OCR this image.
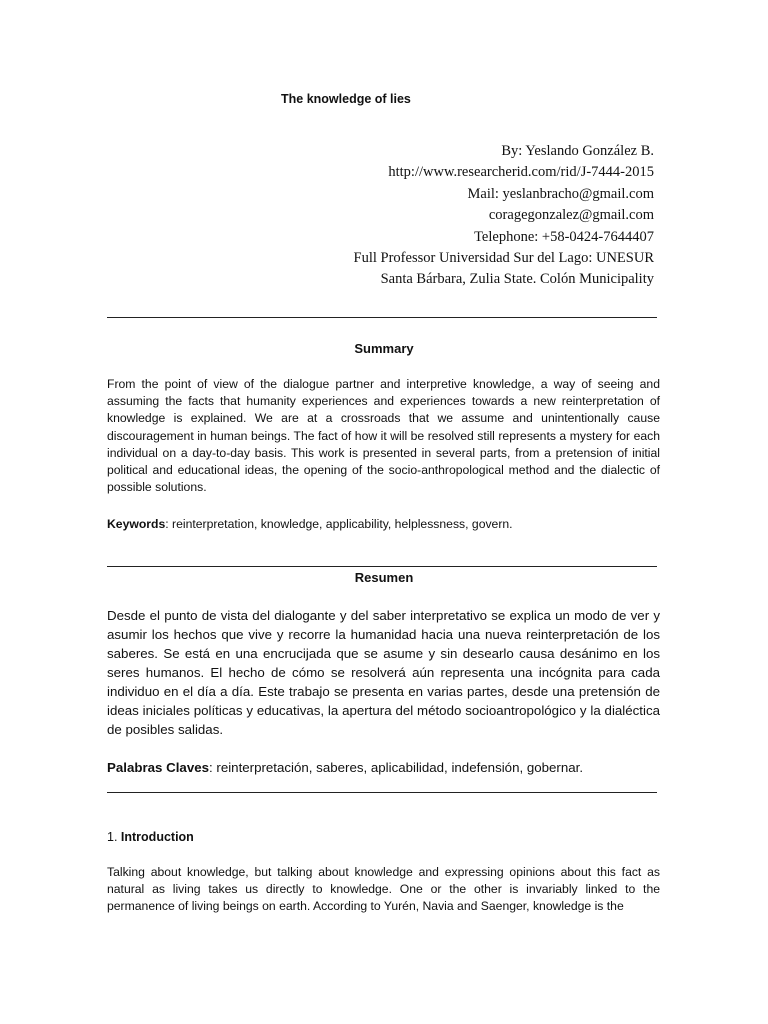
The knowledge of lies
By: Yeslando González B.
http://www.researcherid.com/rid/J-7444-2015
Mail: yeslanbracho@gmail.com
coragegonzalez@gmail.com
Telephone: +58-0424-7644407
Full Professor Universidad Sur del Lago: UNESUR
Santa Bárbara, Zulia State. Colón Municipality
Summary
From the point of view of the dialogue partner and interpretive knowledge, a way of seeing and assuming the facts that humanity experiences and experiences towards a new reinterpretation of knowledge is explained. We are at a crossroads that we assume and unintentionally cause discouragement in human beings. The fact of how it will be resolved still represents a mystery for each individual on a day-to-day basis. This work is presented in several parts, from a pretension of initial political and educational ideas, the opening of the socio-anthropological method and the dialectic of possible solutions.
Keywords: reinterpretation, knowledge, applicability, helplessness, govern.
Resumen
Desde el punto de vista del dialogante y del saber interpretativo se explica un modo de ver y asumir los hechos que vive y recorre la humanidad hacia una nueva reinterpretación de los saberes. Se está en una encrucijada que se asume y sin desearlo causa desánimo en los seres humanos. El hecho de cómo se resolverá aún representa una incógnita para cada individuo en el día a día. Este trabajo se presenta en varias partes, desde una pretensión de ideas iniciales políticas y educativas, la apertura del método socioantropológico y la dialéctica de posibles salidas.
Palabras Claves: reinterpretación, saberes, aplicabilidad, indefensión, gobernar.
1. Introduction
Talking about knowledge, but talking about knowledge and expressing opinions about this fact as natural as living takes us directly to knowledge. One or the other is invariably linked to the permanence of living beings on earth. According to Yurén, Navia and Saenger, knowledge is the
